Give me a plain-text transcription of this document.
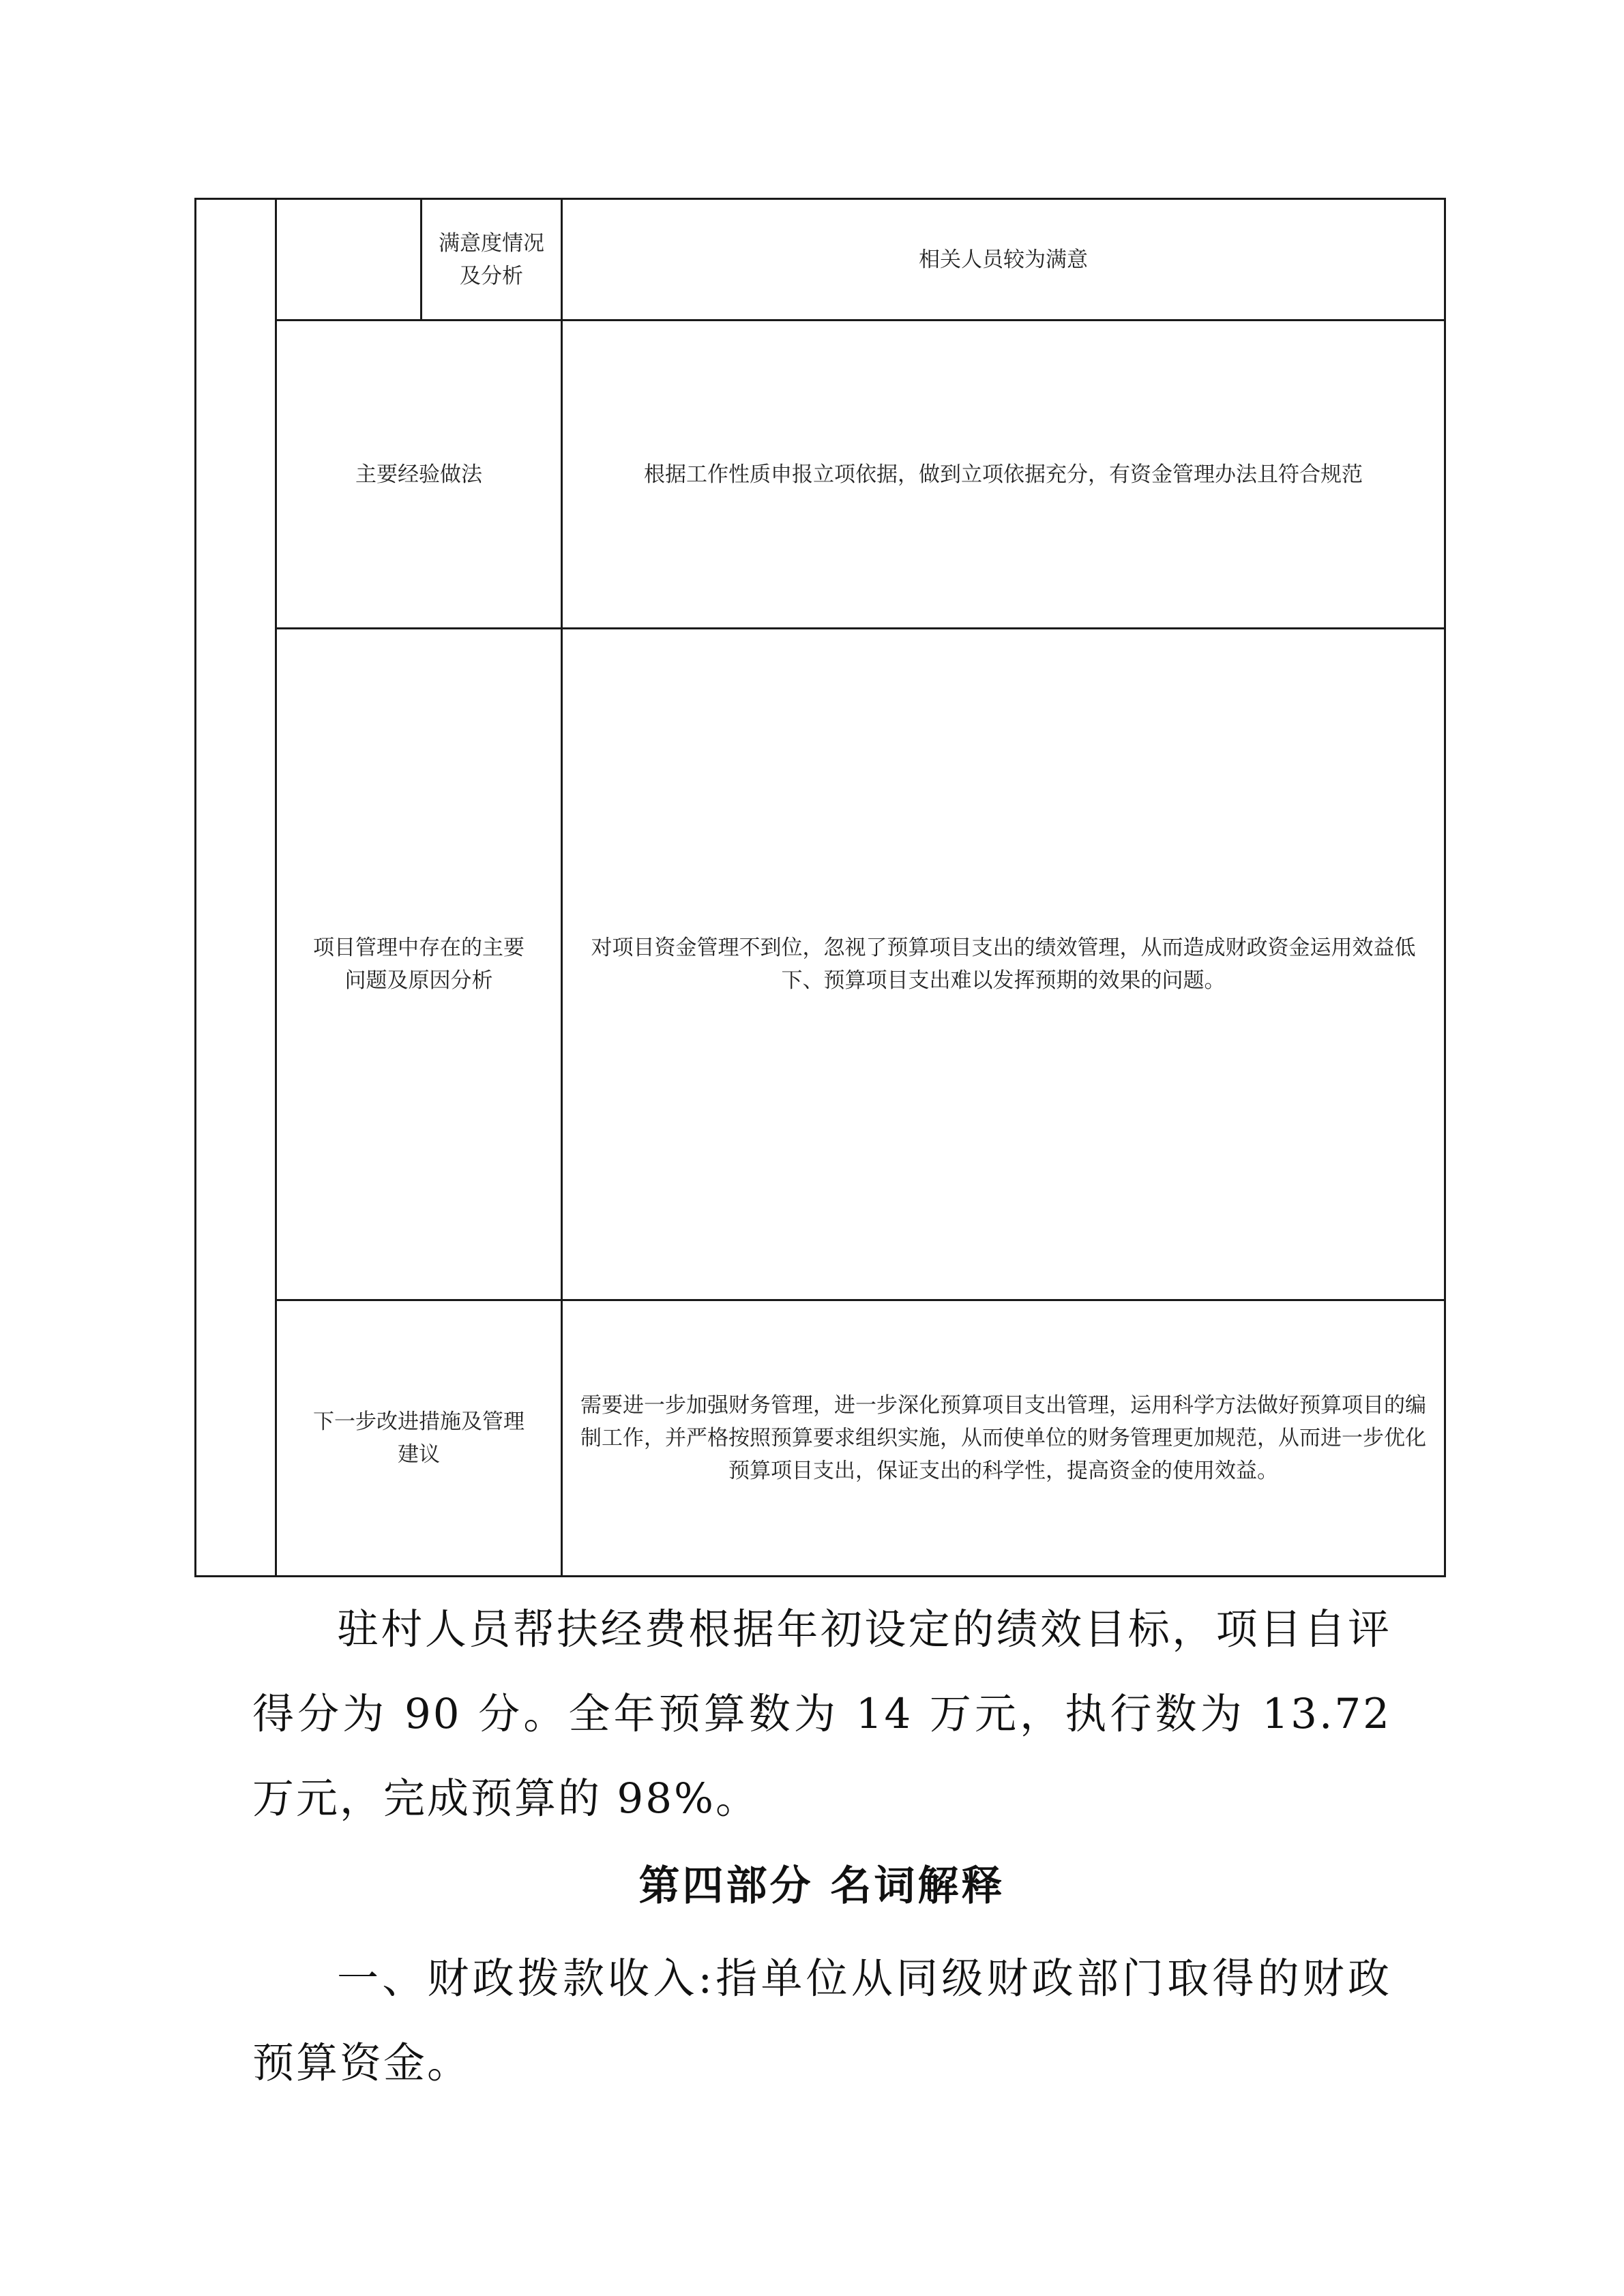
满意度情况及分析
相关人员较为满意
主要经验做法	根据工作性质申报立项依据，做到立项依据充分，有资金管理办法且符合规范
项目管理中存在的主要问题及原因分析
对项目资金管理不到位，忽视了预算项目支出的绩效管理，从而造成财政资金运用效益低下、预算项目支出难以发挥预期的效果的问题。
下一步改进措施及管理建议
需要进一步加强财务管理，进一步深化预算项目支出管理，运用科学方法做好预算项目的编制工作，并严格按照预算要求组织实施，从而使单位的财务管理更加规范，从而进一步优化预算项目支出，保证支出的科学性，提高资金的使用效益。
驻村人员帮扶经费根据年初设定的绩效目标，项目自评得分为 90 分。全年预算数为 14 万元，执行数为 13.72 万元，完成预算的 98%。
第四部分 名词解释
一、财政拨款收入:指单位从同级财政部门取得的财政预算资金。
